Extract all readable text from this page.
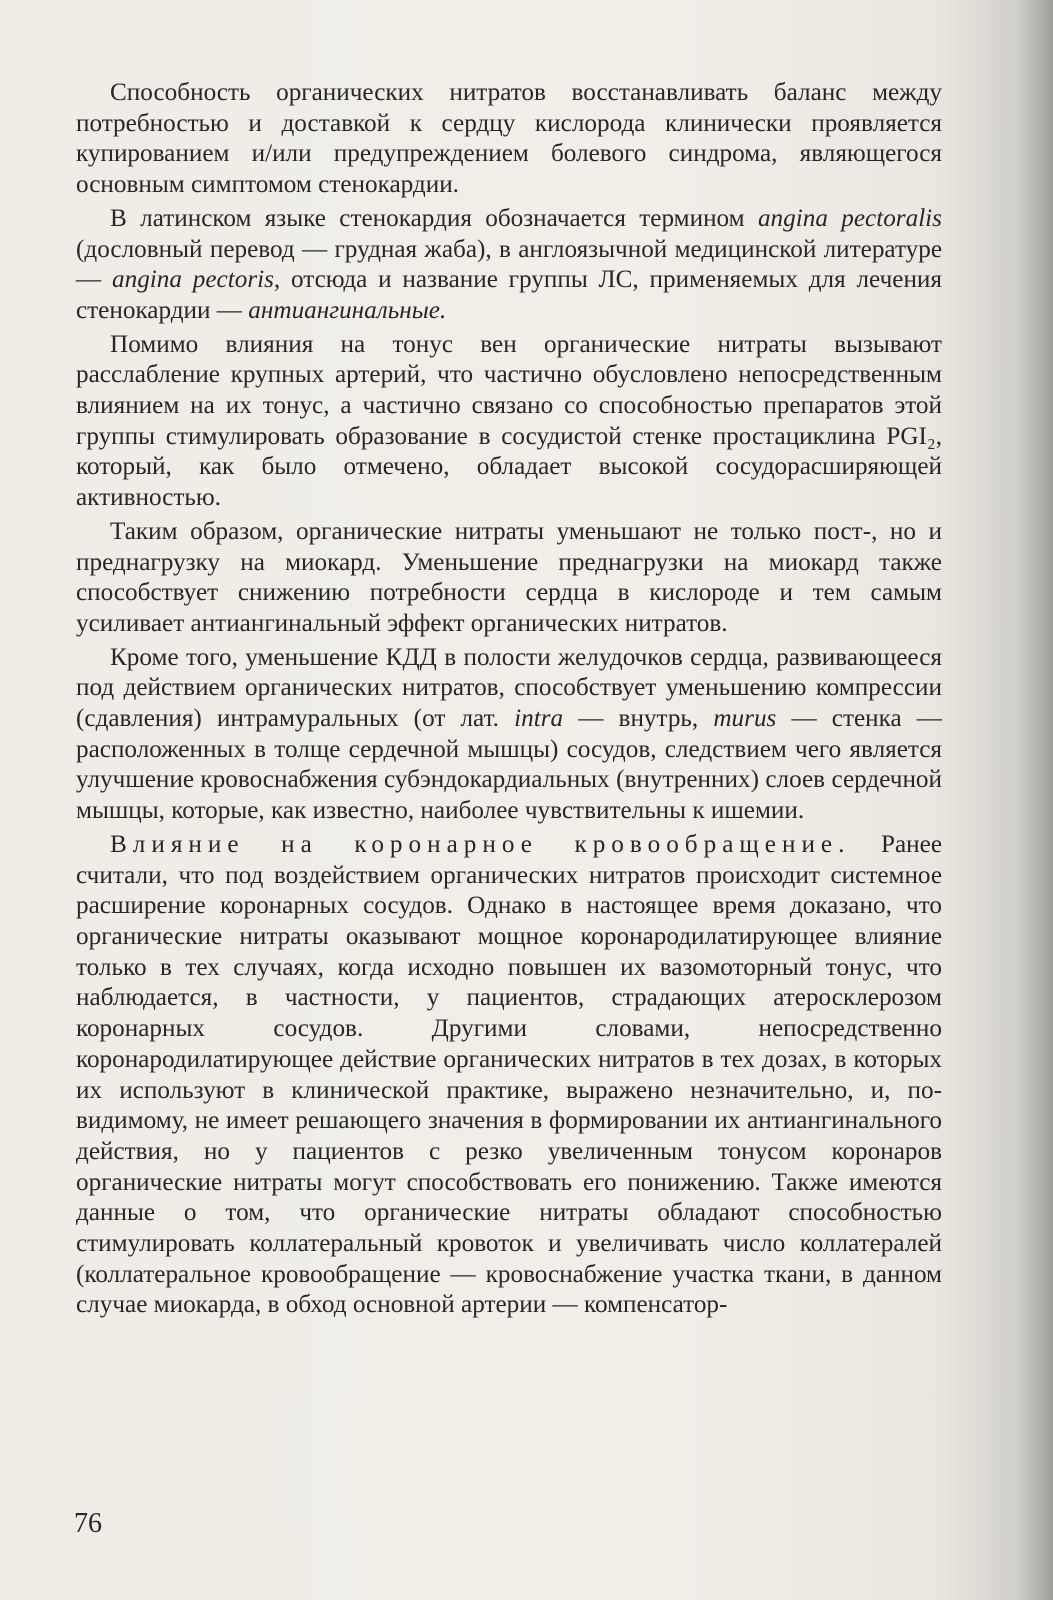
Способность органических нитратов восстанавливать баланс между потребностью и доставкой к сердцу кислорода клинически проявляется купированием и/или предупреждением болевого синдрома, являющегося основным симптомом стенокардии.

В латинском языке стенокардия обозначается термином angina pectoralis (дословный перевод — грудная жаба), в англоязычной медицинской литературе — angina pectoris, отсюда и название группы ЛС, применяемых для лечения стенокардии — антиангинальные.

Помимо влияния на тонус вен органические нитраты вызывают расслабление крупных артерий, что частично обусловлено непосредственным влиянием на их тонус, а частично связано со способностью препаратов этой группы стимулировать образование в сосудистой стенке простациклина PGI₂, который, как было отмечено, обладает высокой сосудорасширяющей активностью.

Таким образом, органические нитраты уменьшают не только пост-, но и преднагрузку на миокард. Уменьшение преднагрузки на миокард также способствует снижению потребности сердца в кислороде и тем самым усиливает антиангинальный эффект органических нитратов.

Кроме того, уменьшение КДД в полости желудочков сердца, развивающееся под действием органических нитратов, способствует уменьшению компрессии (сдавления) интрамуральных (от лат. intra — внутрь, murus — стенка — расположенных в толще сердечной мышцы) сосудов, следствием чего является улучшение кровоснабжения субэндокардиальных (внутренних) слоев сердечной мышцы, которые, как известно, наиболее чувствительны к ишемии.

Влияние на коронарное кровообращение. Ранее считали, что под воздействием органических нитратов происходит системное расширение коронарных сосудов. Однако в настоящее время доказано, что органические нитраты оказывают мощное коронародилатирующее влияние только в тех случаях, когда исходно повышен их вазомоторный тонус, что наблюдается, в частности, у пациентов, страдающих атеросклерозом коронарных сосудов. Другими словами, непосредственно коронародилатирующее действие органических нитратов в тех дозах, в которых их используют в клинической практике, выражено незначительно, и, по-видимому, не имеет решающего значения в формировании их антиангинального действия, но у пациентов с резко увеличенным тонусом коронаров органические нитраты могут способствовать его понижению. Также имеются данные о том, что органические нитраты обладают способностью стимулировать коллатеральный кровоток и увеличивать число коллатералей (коллатеральное кровообращение — кровоснабжение участка ткани, в данном случае миокарда, в обход основной артерии — компенсатор-

76
